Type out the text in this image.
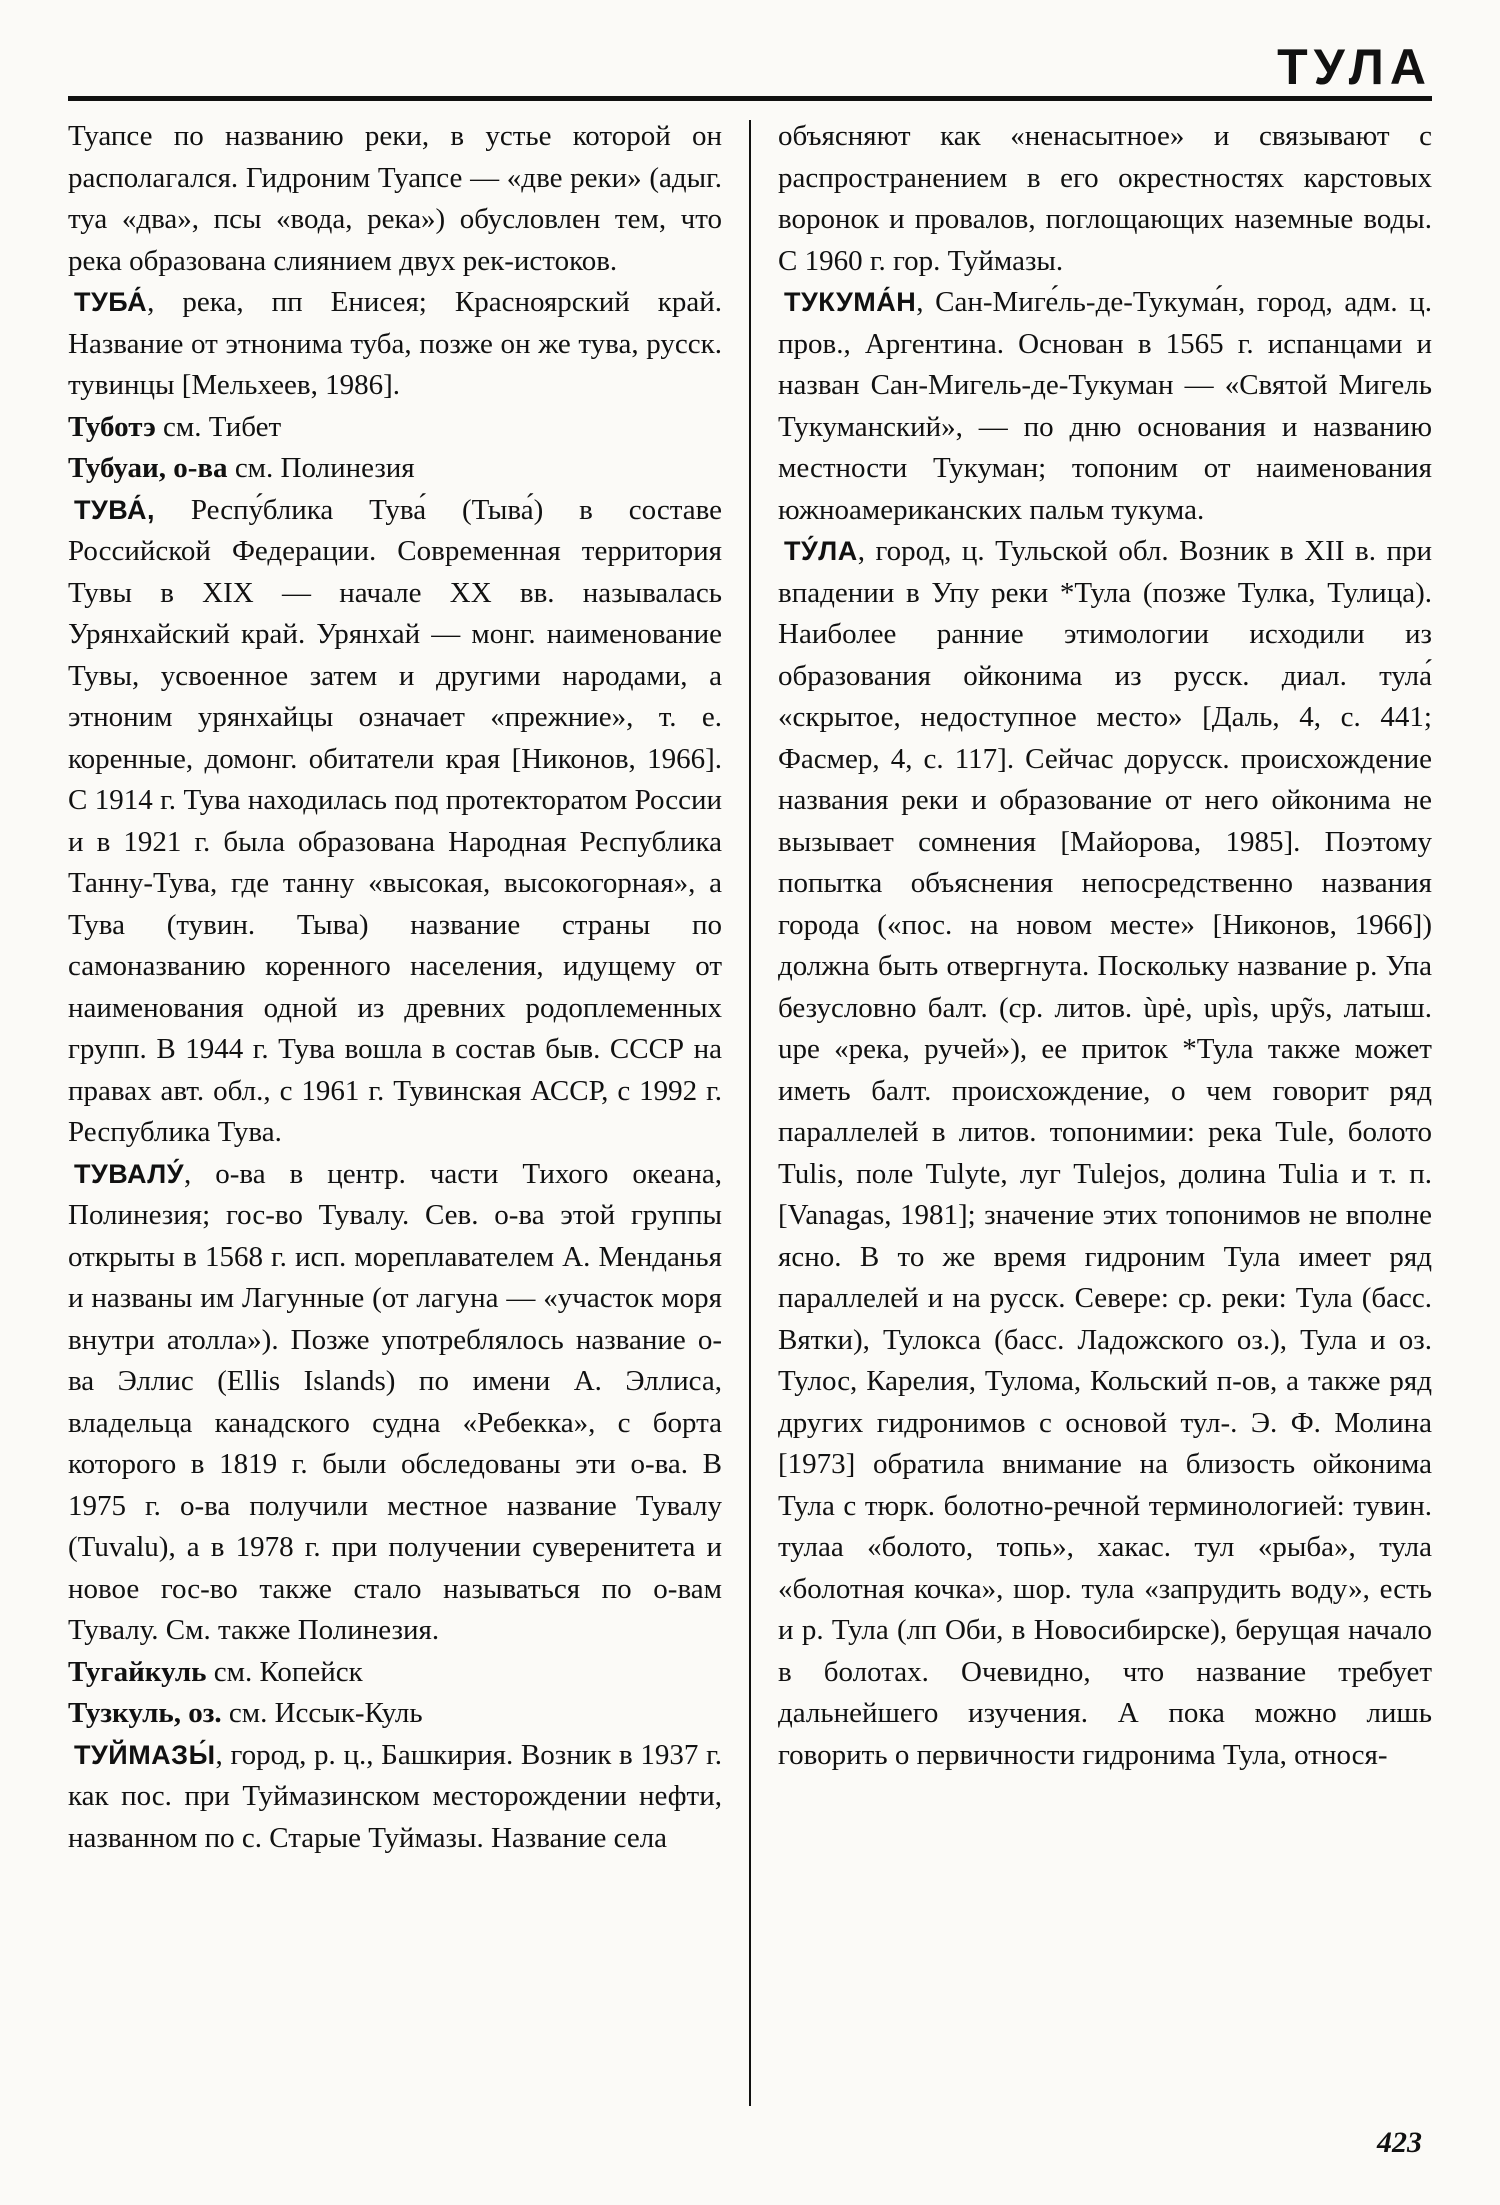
ТУЛА

Туапсе по названию реки, в устье которой он располагался. Гидроним Туапсе — «две реки» (адыг. туа «два», псы «вода, река») обусловлен тем, что река образована слиянием двух рек-истоков.

ТУБА́, река, пп Енисея; Красноярский край. Название от этнонима туба, позже он же тува, русск. тувинцы [Мельхеев, 1986].

Туботэ см. Тибет

Тубуаи, о-ва см. Полинезия

ТУВА́, Респу́блика Тува́ (Тыва́) в составе Российской Федерации. Современная территория Тувы в XIX — начале XX вв. называлась Урянхайский край. Урянхай — монг. наименование Тувы, усвоенное затем и другими народами, а этноним урянхайцы означает «прежние», т. е. коренные, домонг. обитатели края [Никонов, 1966]. С 1914 г. Тува находилась под протекторатом России и в 1921 г. была образована Народная Республика Танну-Тува, где танну «высокая, высокогорная», а Тува (тувин. Тыва) название страны по самоназванию коренного населения, идущему от наименования одной из древних родоплеменных групп. В 1944 г. Тува вошла в состав быв. СССР на правах авт. обл., с 1961 г. Тувинская АССР, с 1992 г. Республика Тува.

ТУВАЛУ́, о-ва в центр. части Тихого океана, Полинезия; гос-во Тувалу. Сев. о-ва этой группы открыты в 1568 г. исп. мореплавателем А. Менданья и названы им Лагунные (от лагуна — «участок моря внутри атолла»). Позже употреблялось название о-ва Эллис (Ellis Islands) по имени А. Эллиса, владельца канадского судна «Ребекка», с борта которого в 1819 г. были обследованы эти о-ва. В 1975 г. о-ва получили местное название Тувалу (Tuvalu), а в 1978 г. при получении суверенитета и новое гос-во также стало называться по о-вам Тувалу. См. также Полинезия.

Тугайкуль см. Копейск

Тузкуль, оз. см. Иссык-Куль

ТУЙМАЗЫ́, город, р. ц., Башкирия. Возник в 1937 г. как пос. при Туймазинском месторождении нефти, названном по с. Старые Туймазы. Название села

объясняют как «ненасытное» и связывают с распространением в его окрестностях карстовых воронок и провалов, поглощающих наземные воды. С 1960 г. гор. Туймазы.

ТУКУМА́Н, Сан-Миге́ль-де-Тукума́н, город, адм. ц. пров., Аргентина. Основан в 1565 г. испанцами и назван Сан-Мигель-де-Тукуман — «Святой Мигель Тукуманский», — по дню основания и названию местности Тукуман; топоним от наименования южноамериканских пальм тукума.

ТУ́ЛА, город, ц. Тульской обл. Возник в XII в. при впадении в Упу реки *Тула (позже Тулка, Тулица). Наиболее ранние этимологии исходили из образования ойконима из русск. диал. тула́ «скрытое, недоступное место» [Даль, 4, с. 441; Фасмер, 4, с. 117]. Сейчас дорусск. происхождение названия реки и образование от него ойконима не вызывает сомнения [Майорова, 1985]. Поэтому попытка объяснения непосредственно названия города («пос. на новом месте» [Никонов, 1966]) должна быть отвергнута. Поскольку название р. Упа безусловно балт. (ср. литов. ùpė, upìs, upỹs, латыш. upe «река, ручей»), ее приток *Тула также может иметь балт. происхождение, о чем говорит ряд параллелей в литов. топонимии: река Tule, болото Tulis, поле Tulyte, луг Tulejos, долина Tulia и т. п. [Vanagas, 1981]; значение этих топонимов не вполне ясно. В то же время гидроним Тула имеет ряд параллелей и на русск. Севере: ср. реки: Тула (басс. Вятки), Тулокса (басс. Ладожского оз.), Тула и оз. Тулос, Карелия, Тулома, Кольский п-ов, а также ряд других гидронимов с основой тул-. Э. Ф. Молина [1973] обратила внимание на близость ойконима Тула с тюрк. болотно-речной терминологией: тувин. тулаа «болото, топь», хакас. тул «рыба», тула «болотная кочка», шор. тула «запрудить воду», есть и р. Тула (лп Оби, в Новосибирске), берущая начало в болотах. Очевидно, что название требует дальнейшего изучения. А пока можно лишь говорить о первичности гидронима Тула, относя-

423
